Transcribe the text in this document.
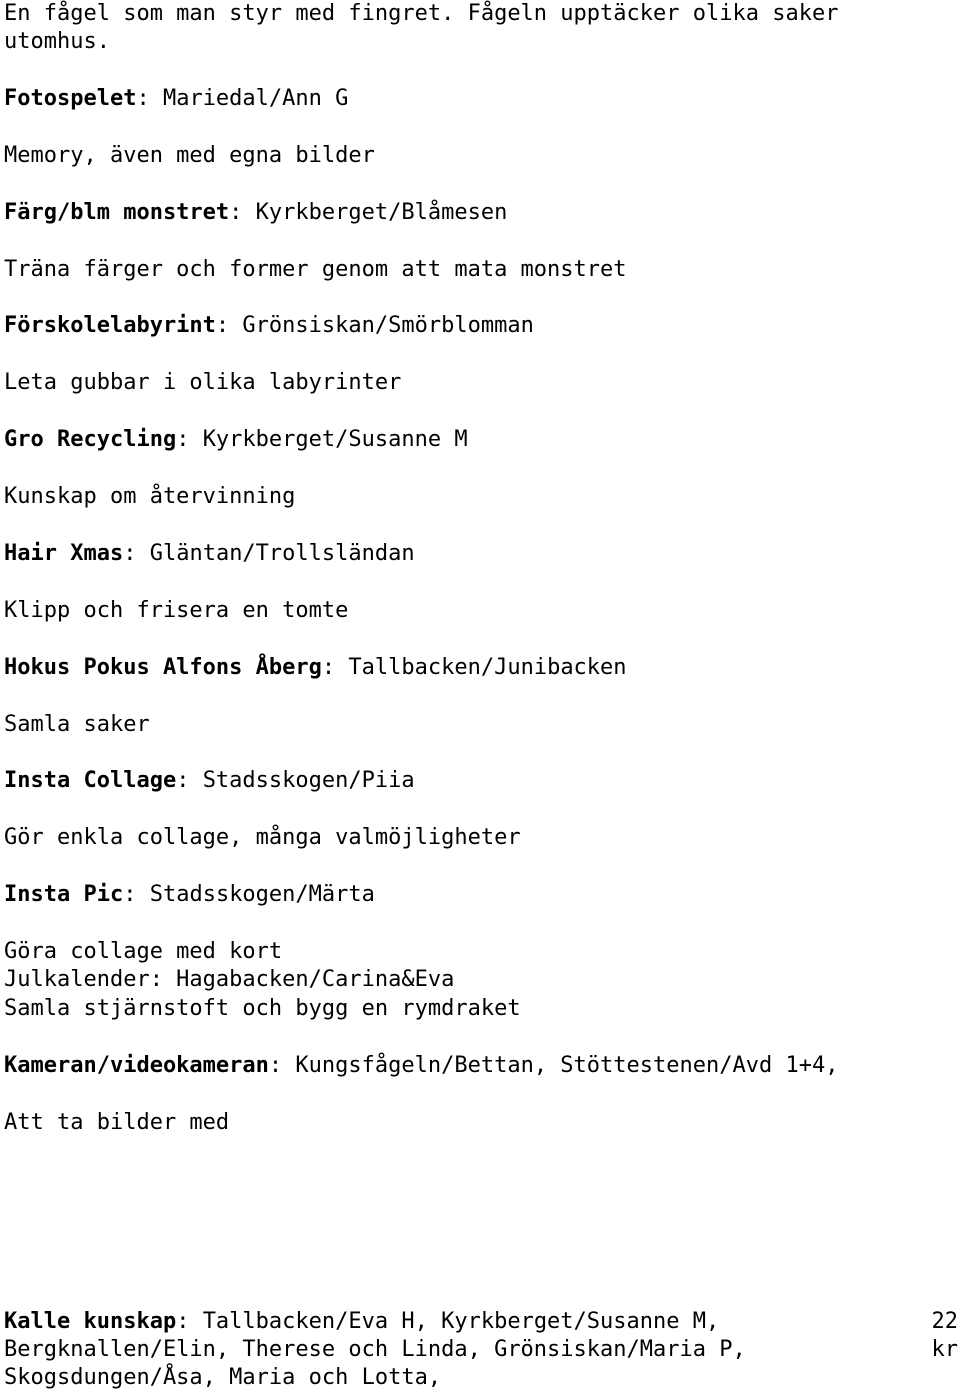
En fågel som man styr med fingret. Fågeln upptäcker olika saker

utomhus.

Fotospelet: Mariedal/Ann G

Memory, även med egna bilder

Färg/blm monstret: Kyrkberget/Blåmesen

Träna färger och former genom att mata monstret

Förskolelabyrint: Grönsiskan/Smörblomman

Leta gubbar i olika labyrinter

Gro Recycling: Kyrkberget/Susanne M

Kunskap om återvinning

Hair Xmas: Gläntan/Trollsländan

Klipp och frisera en tomte

Hokus Pokus Alfons Åberg: Tallbacken/Junibacken

Samla saker

Insta Collage: Stadsskogen/Piia

Gör enkla collage, många valmöjligheter

Insta Pic: Stadsskogen/Märta

Göra collage med kort

Julkalender: Hagabacken/Carina&Eva

Samla stjärnstoft och bygg en rymdraket

Kameran/videokameran: Kungsfågeln/Bettan, Stöttestenen/Avd 1+4,

Att ta bilder med

Kalle kunskap: Tallbacken/Eva H, Kyrkberget/Susanne M,

Bergknallen/Elin, Therese och Linda, Grönsiskan/Maria P,

Skogsdungen/Åsa, Maria och Lotta,

22
kr
